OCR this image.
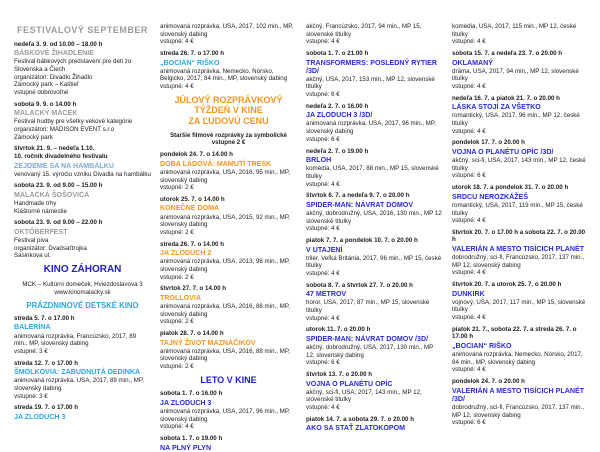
FESTIVALOVÝ SEPTEMBER
nedeľa 3. 9. od 10.00 – 18.00 h
BÁBKOVÉ ŽIHADLENIE
Festival bábkových predstavení pre deti zo Slovenska a Čiech
organizátori: Divadlo Žihadlo
Zámocký park – Kaštieľ
vstupné dobrovoľné
sobota 9. 9. o 14.00 h
MALACKÝ MACEK
Festival hudby pre všetky vekové kategórie
organizátori: MADISON EVENT s.r.o
Zámocký park
štvrtok 21. 9. – nedeľa 1.10.
10. ročník divadelného festivalu
ZEJDEME SA NA HAMBÁLKU
venovaný 15. výročiu vzniku Divadla na hambálku
sobota 23. 9. od 9.00 – 15.00 h
MALACKÁ ŠOŠOVICA
Handmade trhy
Kláštorné námestie
sobota 23. 9. od 9.00 – 22.00 h
OKTÓBERFEST
Festival piva
organizátor: Dvadsaťtrojka
Sasinkova ul.
KINO ZÁHORAN
MCK – Kultúrni domeček, Hviezdoslavova 3
www.kinomalacky.sk
PRÁZDNINOVÉ DETSKÉ KINO
streda 5. 7. o 17.00 h
BALERÍNA
animovaná rozprávka, Francúzsko, 2017, 89 min., MP, slovenský dabing
vstupné: 3 €
streda 12. 7. o 17.00 h
ŠMOLKOVIA: ZABUDNUTÁ DEDINKA
animovaná rozprávka, USA, 2017, 89 min., MP, slovenský dabing
vstupné: 3 €
streda 19. 7. o 17.00 h
JA ZLODUCH 3
animovaná rozprávka, USA, 2017, 102 min., MP, slovenský dabing
vstupné: 4 €
streda 26. 7. o 17.00 h
„BOCIAN“ RIŠKO
animovaná rozprávka, Nemecko, Nórsko, Belgicko, 2017, 84 min., MP, slovenský dabing
vstupné: 4 €
JÚLOVÝ ROZPRÁVKOVÝ
TÝŽDEŇ V KINE
ZA ĽUDOVÚ CENU
Staršie filmové rozprávky za symbolické
vstupné 2 €
pondelok 24. 7. o 14.00 h
DOBA ĽADOVÁ: MAMUTÍ TRESK
animovaná rozprávka, USA, 2016, 95 min., MP, slovenský dabing
vstupné: 2 €
utorok 25. 7. o 14.00 h
KONEČNE DOMA
animovaná rozprávka, USA, 2015, 92 min., MP, slovenský dabing
vstupné: 2 €
streda 26. 7. o 14.00 h
JA ZLODUCH 2
animovaná rozprávka, USA, 2013, 98 min., MP, slovenský dabing
vstupné: 2 €
štvrtok 27. 7. o 14.00 h
TROLLOVIA
animovaná rozprávka, USA, 2016, 88 min., MP, slovenský dabing
vstupné: 2 €
piatok 28. 7. o 14.00 h
TAJNÝ ŽIVOT MAZNÁČIKOV
animovaná rozprávka, USA, 2016, 88 min., MP, slovenský dabing
vstupné: 2 €
LETO V KINE
sobota 1. 7. o 16.00 h
JA ZLODUCH 3
animovaná rozprávka, USA, 2017, 96 min., MP, slovenský dabing
vstupné: 4 €
sobota 1. 7. o 19.00 h
NA PLNÝ PLYN
akčný, Francúzsko, 2017, 94 min., MP 15, slovenské titulky
vstupné: 4 €
sobota 1. 7. o 21.00 h
TRANSFORMERS: POSLEDNÝ RYTIER /3D/
akčný, USA, 2017, 153 min., MP 12, slovenské titulky
vstupné: 6 €
nedeľa 2. 7. o 16.00 h
JA ZLODUCH 3 /3D/
animovaná rozprávka, USA, 2017, 96 min., MP, slovenský dabing
vstupné: 6 €
nedeľa 2. 7. o 19.00 h
BRLOH
komédia, USA, 2017, 88 min., MP 15, slovenské titulky
vstupné: 4 €
štvrtok 6. 7. a nedeľa 9. 7. o 20.00 h
SPIDER-MAN: NÁVRAT DOMOV
akčný, dobrodružný, USA, 2016, 130 min., MP 12 slovenské titulky
vstupné: 4 €
piatok 7. 7. a pondelok 10. 7. o 20.00 h
V UTAJENÍ
triler, Veľká Británia, 2017, 96 min., MP 15, české titulky
vstupné: 4 €
sobota 8. 7. a štvrtok 27. 7. o 20.00 h
47 METROV
horor, USA, 2017, 87 min., MP 15, slovenské titulky
vstupné: 4 €
utorok 11. 7. o 20.00 h
SPIDER-MAN: NÁVRAT DOMOV /3D/
akčný, dobrodružný, USA, 2017, 130 min., MP 12, slovenský dabing
vstupné: 6 €
štvrtok 13. 7. o 20.00 h
VOJNA O PLANÉTU OPÍC
akčný, sci-fi, USA, 2017, 143 min., MP 12, slovenské titulky
vstupné: 4 €
piatok 14. 7. a sobota 29. 7. o 20.00 h
AKO SA STAŤ ZLATOKOPOM
komédia, USA, 2017, 115 min., MP 12, české titulky
vstupné: 4 €
sobota 15. 7. a nedeľa 23. 7. o 20.00 h
OKLAMANÝ
dráma, USA, 2017, 94 min., MP 12, slovenské titulky
vstupné: 4 €
nedeľa 16. 7. a piatok 21. 7. o 20.00 h
LÁSKA STOJÍ ZA VŠETKO
romantický, USA, 2017, 96 min., MP 12, české titulky
vstupné: 4 €
pondelok 17. 7. o 20.00 h
VOJNA O PLANÉTU OPÍC /3D/
akčný, sci-fi, USA, 2017, 143 min., MP 12, české titulky
vstupné: 6 €
utorok 18. 7. a pondelok 31. 7. o 20.00 h
SRDCU NEROZKÁŽEŠ
romantický, USA, 2017, 119 min., MP 15, české titulky
vstupné: 4 €
štvrtok 20. 7. o 17.00 h a sobota 22. 7. o 20.00 h
VALERIÁN A MESTO TISÍCICH PLANÉT
dobrodružný, sci-fi, Francúzsko, 2017, 137 min., MP 12, slovenský dabing
vstupné: 4 €
štvrtok 20. 7. a utorok 25. 7. o 20.00 h
DUNKIRK
vojnový, USA, 2017, 117 min., MP 15, slovenské titulky
vstupné: 4 €
piatok 21. 7., sobota 22. 7. a streda 26. 7. o 17.00 h
„BOCIAN“ RIŠKO
animovaná rozprávka, Nemecko, Nórsko, 2017, 84 min., MP, slovenský dabing
vstupné: 4 €
pondelok 24. 7. o 20.00 h
VALERIÁN A MESTO TISÍCICH PLANÉT /3D/
dobrodružný, sci-fi, Francúzsko, 2017, 137 min., MP 12, slovenský dabing
vstupné: 6 €
